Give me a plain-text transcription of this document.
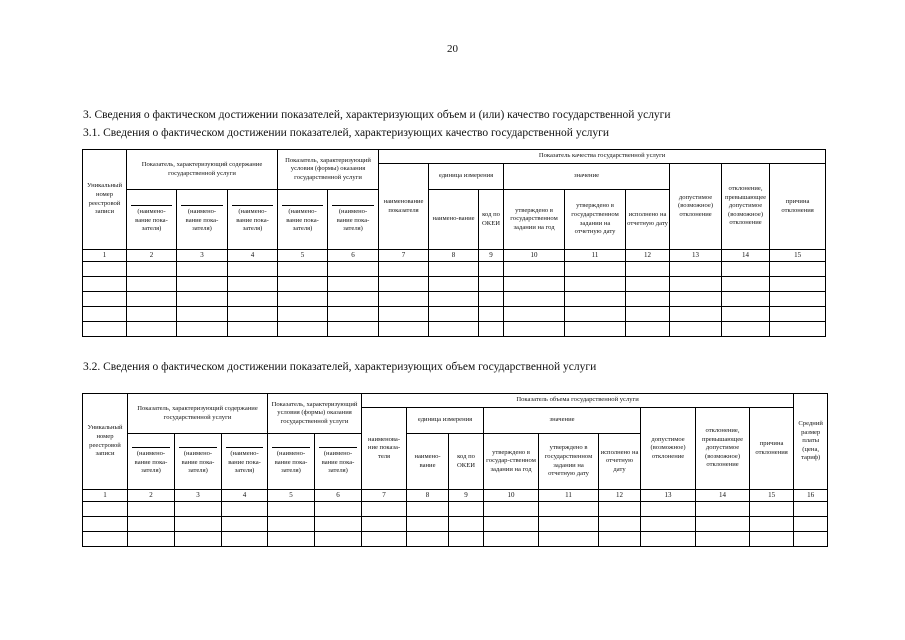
20
3. Сведения о фактическом достижении показателей, характеризующих объем и (или) качество государственной услуги
3.1. Сведения о фактическом достижении показателей, характеризующих качество государственной услуги
Уникальный номер реестровой записи	Показатель, характеризующий содержание государственной услуги			Показатель, характеризующий условия (формы) оказания государственной услуги		Показатель качества государственной услуги								
						наименование показателя	единица измерения		значение			допустимое (возможное) отклонение	отклонение, превышающее допустимое (возможное) отклонение	причина отклонения

	(наимено-вание пока-зателя)	(наимено-вание пока-зателя)	(наимено-вание пока-зателя)	(наимено-вание пока-зателя)	(наимено-вание пока-зателя)		наимено-вание	код по ОКЕИ	утверждено в государственном задании на год	утверждено в государственном задании на отчетную дату	исполнено на отчетную дату			
1	2	3	4	5	6	7	8	9	10	11	12	13	14	15

3.2. Сведения о фактическом достижении показателей, характеризующих объем государственной услуги
Уникальный номер реестровой записи	Показатель, характеризующий содержание государственной услуги			Показатель, характеризующий условия (формы) оказания государственной услуги		Показатель объема государственной услуги									Средний размер платы (цена, тариф)
						наименова-ние показа-теля	единица измерения		значение			допустимое (возможное) отклонение	отклонение, превышающее допустимое (возможное) отклонение	причина отклонения	

	(наимено-вание пока-зателя)	(наимено-вание пока-зателя)	(наимено-вание пока-зателя)	(наимено-вание пока-зателя)	(наимено-вание пока-зателя)		наимено-вание	код по ОКЕИ	утверждено в государ-ственном задании на год	утверждено в государственном задании на отчетную дату	исполнено на отчетную дату				
1	2	3	4	5	6	7	8	9	10	11	12	13	14	15	16
